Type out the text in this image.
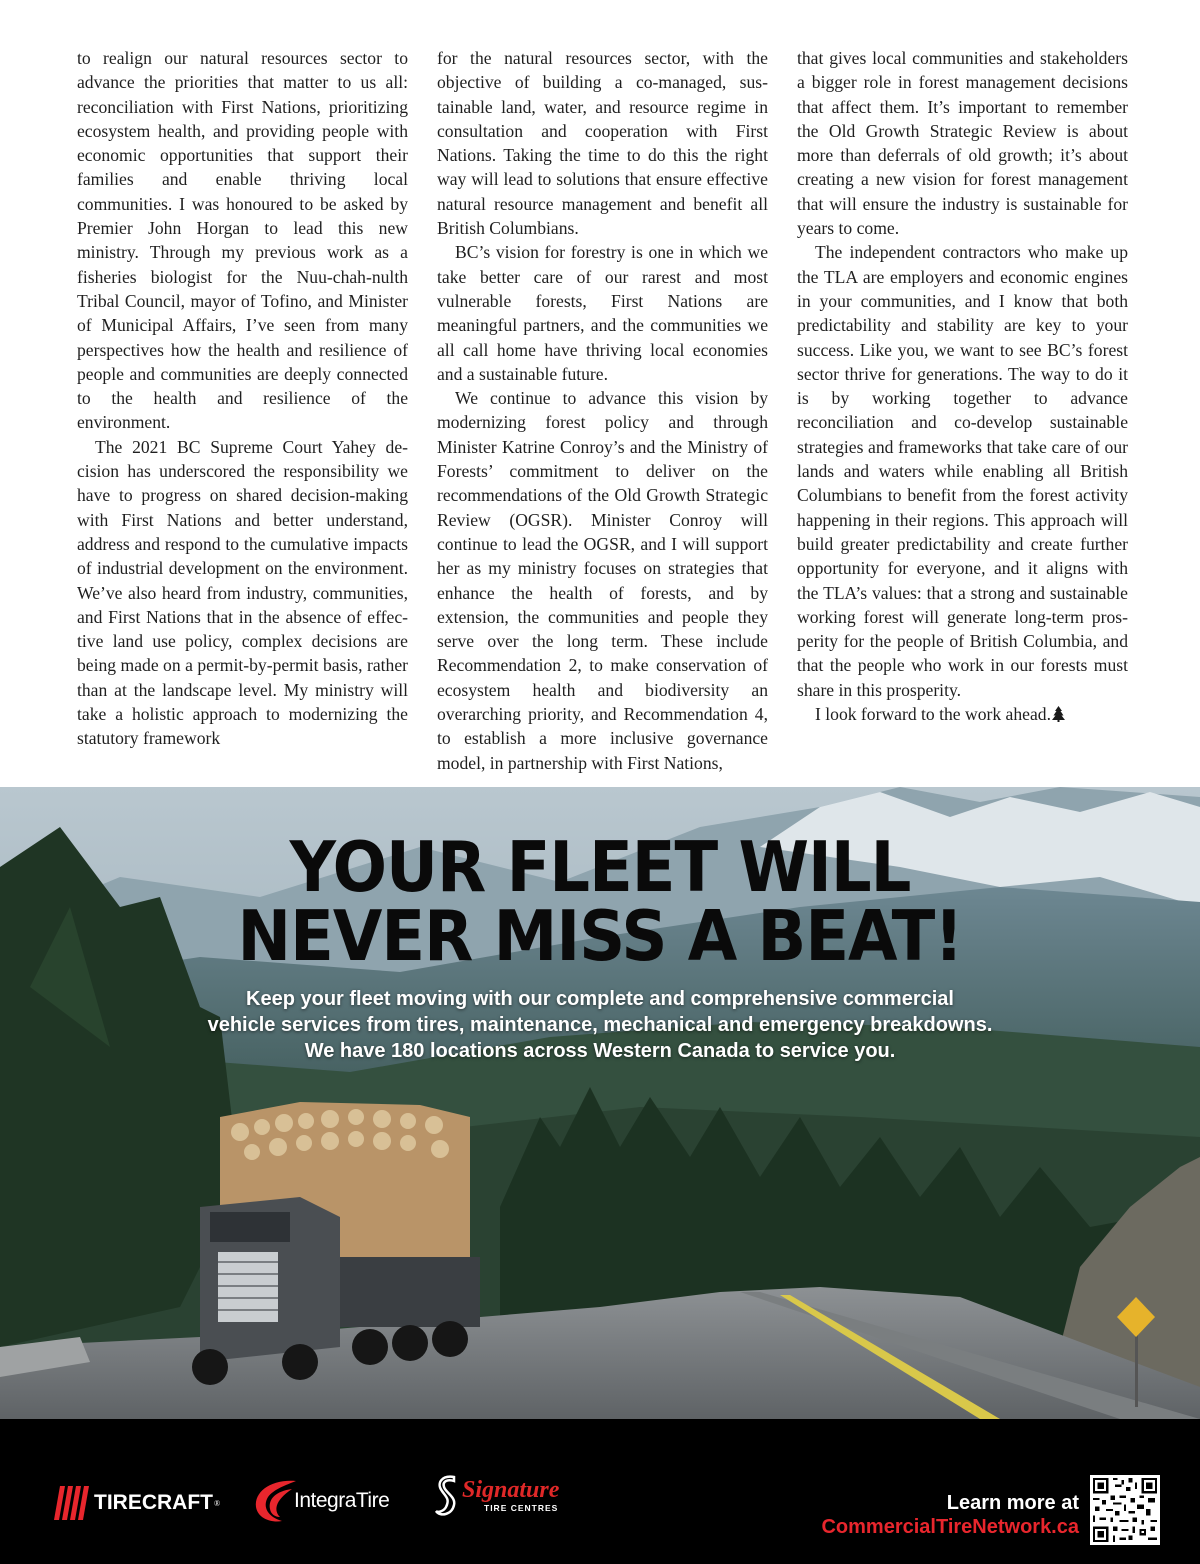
to realign our natural resources sector to advance the priorities that matter to us all: reconciliation with First Nations, prioritizing ecosystem health, and providing people with economic opportunities that support their families and enable thriving local communities. I was honoured to be asked by Premier John Horgan to lead this new ministry. Through my previous work as a fisheries biologist for the Nuu-chah-nulth Tribal Council, mayor of Tofino, and Minister of Municipal Affairs, I’ve seen from many perspectives how the health and resilience of people and communities are deeply connected to the health and resilience of the environment.

The 2021 BC Supreme Court Yahey decision has underscored the responsibility we have to progress on shared decision-making with First Nations and better understand, address and respond to the cumulative impacts of industrial development on the environment. We’ve also heard from industry, communities, and First Nations that in the absence of effective land use policy, complex decisions are being made on a permit-by-permit basis, rather than at the landscape level. My ministry will take a holistic approach to modernizing the statutory framework

for the natural resources sector, with the objective of building a co-managed, sustainable land, water, and resource regime in consultation and cooperation with First Nations. Taking the time to do this the right way will lead to solutions that ensure effective natural resource management and benefit all British Columbians.

BC’s vision for forestry is one in which we take better care of our rarest and most vulnerable forests, First Nations are meaningful partners, and the communities we all call home have thriving local economies and a sustainable future.

We continue to advance this vision by modernizing forest policy and through Minister Katrine Conroy’s and the Ministry of Forests’ commitment to deliver on the recommendations of the Old Growth Strategic Review (OGSR). Minister Conroy will continue to lead the OGSR, and I will support her as my ministry focuses on strategies that enhance the health of forests, and by extension, the communities and people they serve over the long term. These include Recommendation 2, to make conservation of ecosystem health and biodiversity an overarching priority, and Recommendation 4, to establish a more inclusive governance model, in partnership with First Nations,

that gives local communities and stakeholders a bigger role in forest management decisions that affect them. It’s important to remember the Old Growth Strategic Review is about more than deferrals of old growth; it’s about creating a new vision for forest management that will ensure the industry is sustainable for years to come.

The independent contractors who make up the TLA are employers and economic engines in your communities, and I know that both predictability and stability are key to your success. Like you, we want to see BC’s forest sector thrive for generations. The way to do it is by working together to advance reconciliation and co-develop sustainable strategies and frameworks that take care of our lands and waters while enabling all British Columbians to benefit from the forest activity happening in their regions. This approach will build greater predictability and create further opportunity for everyone, and it aligns with the TLA’s values: that a strong and sustainable working forest will generate long-term prosperity for the people of British Columbia, and that the people who work in our forests must share in this prosperity.

I look forward to the work ahead.

YOUR FLEET WILL
NEVER MISS A BEAT!
Keep your fleet moving with our complete and comprehensive commercial
vehicle services from tires, maintenance, mechanical and emergency breakdowns.
We have 180 locations across Western Canada to service you.
TIRECRAFT ®	IntegraTire	Signature
TIRE CENTRES	Learn more at
CommercialTireNetwork.ca
